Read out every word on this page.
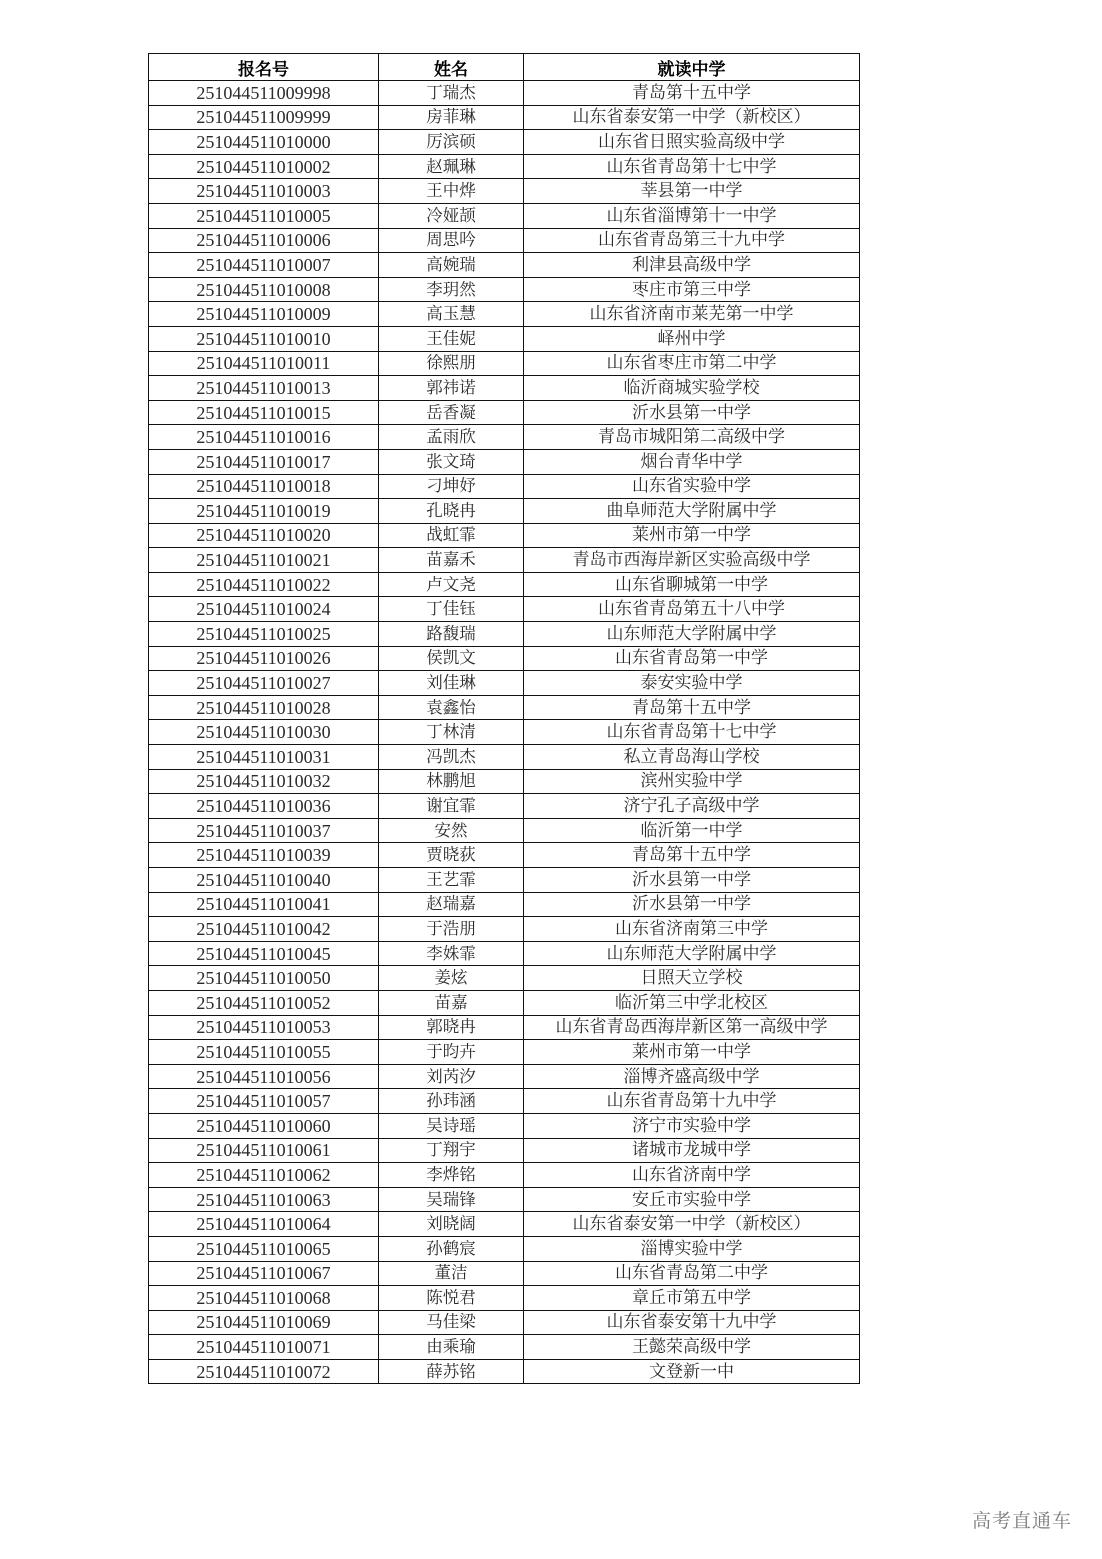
报名号	姓名	就读中学
251044511009998	丁瑞杰	青岛第十五中学
251044511009999	房菲琳	山东省泰安第一中学（新校区）
251044511010000	厉滨硕	山东省日照实验高级中学
251044511010002	赵珮琳	山东省青岛第十七中学
251044511010003	王中烨	莘县第一中学
251044511010005	冷娅颉	山东省淄博第十一中学
251044511010006	周思吟	山东省青岛第三十九中学
251044511010007	高婉瑞	利津县高级中学
251044511010008	李玥然	枣庄市第三中学
251044511010009	高玉慧	山东省济南市莱芜第一中学
251044511010010	王佳妮	峄州中学
251044511010011	徐熙朋	山东省枣庄市第二中学
251044511010013	郭祎诺	临沂商城实验学校
251044511010015	岳香凝	沂水县第一中学
251044511010016	孟雨欣	青岛市城阳第二高级中学
251044511010017	张文琦	烟台青华中学
251044511010018	刁坤妤	山东省实验中学
251044511010019	孔晓冉	曲阜师范大学附属中学
251044511010020	战虹霏	莱州市第一中学
251044511010021	苗嘉禾	青岛市西海岸新区实验高级中学
251044511010022	卢文尧	山东省聊城第一中学
251044511010024	丁佳钰	山东省青岛第五十八中学
251044511010025	路馥瑞	山东师范大学附属中学
251044511010026	侯凯文	山东省青岛第一中学
251044511010027	刘佳琳	泰安实验中学
251044511010028	袁鑫怡	青岛第十五中学
251044511010030	丁林清	山东省青岛第十七中学
251044511010031	冯凯杰	私立青岛海山学校
251044511010032	林鹏旭	滨州实验中学
251044511010036	谢宜霏	济宁孔子高级中学
251044511010037	安然	临沂第一中学
251044511010039	贾晓荻	青岛第十五中学
251044511010040	王艺霏	沂水县第一中学
251044511010041	赵瑞嘉	沂水县第一中学
251044511010042	于浩朋	山东省济南第三中学
251044511010045	李姝霏	山东师范大学附属中学
251044511010050	姜炫	日照天立学校
251044511010052	苗嘉	临沂第三中学北校区
251044511010053	郭晓冉	山东省青岛西海岸新区第一高级中学
251044511010055	于昀卉	莱州市第一中学
251044511010056	刘芮汐	淄博齐盛高级中学
251044511010057	孙玮涵	山东省青岛第十九中学
251044511010060	吴诗瑶	济宁市实验中学
251044511010061	丁翔宇	诸城市龙城中学
251044511010062	李烨铭	山东省济南中学
251044511010063	吴瑞锋	安丘市实验中学
251044511010064	刘晓阔	山东省泰安第一中学（新校区）
251044511010065	孙鹤宸	淄博实验中学
251044511010067	董洁	山东省青岛第二中学
251044511010068	陈悦君	章丘市第五中学
251044511010069	马佳梁	山东省泰安第十九中学
251044511010071	由乘瑜	王懿荣高级中学
251044511010072	薛苏铭	文登新一中
高考直通车
